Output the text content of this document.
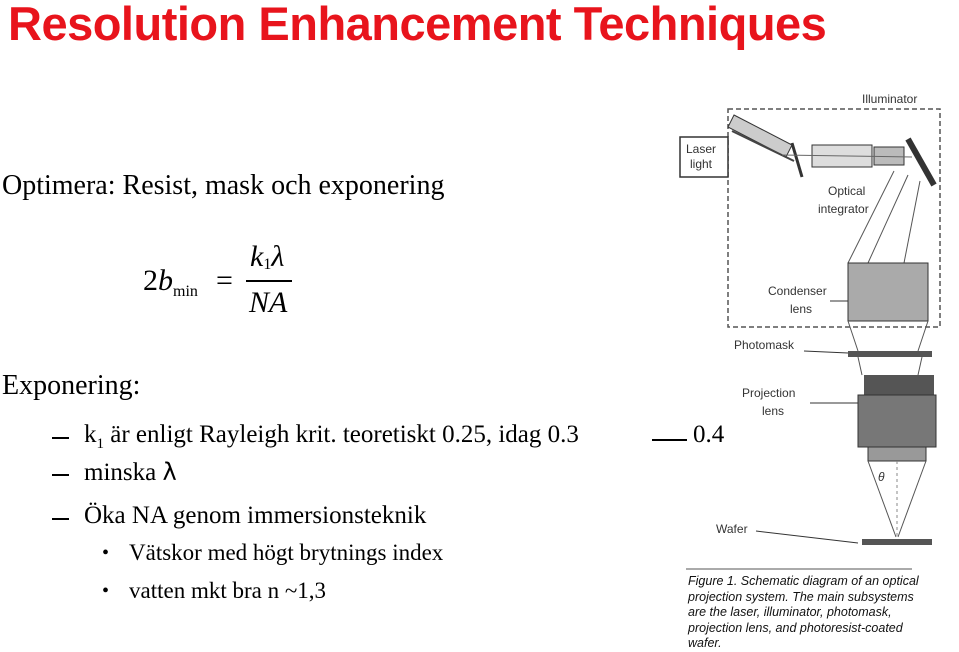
Resolution Enhancement Techniques
Optimera: Resist, mask och exponering
$2b_{min}$ =
$k_1\lambda$
NA
Exponering:
$k_1$ är enligt Rayleigh krit. teoretiskt 0.25, idag 0.3	0.4
minska λ
Öka NA genom immersionsteknik
• Vätskor med högt brytnings index
• vatten mkt bra n ~1,3
Illuminator
Laser
light
Optical
integrator
Condenser
lens
Photomask
Projection
lens
θ
Wafer
Figure 1. Schematic diagram of an optical projection system. The main subsystems are the laser, illuminator, photomask, projection lens, and photoresist-coated wafer.
